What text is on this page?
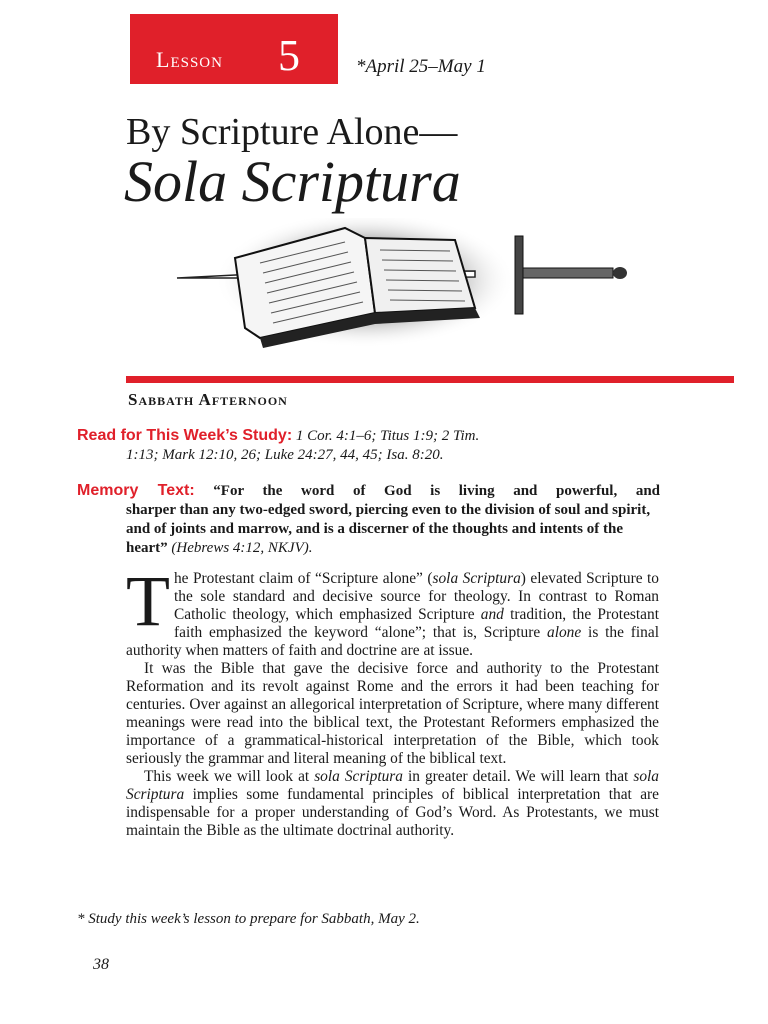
Lesson 5	*April 25–May 1
By Scripture Alone—
Sola Scriptura
Sabbath Afternoon
Read for This Week’s Study: 1 Cor. 4:1–6; Titus 1:9; 2 Tim.
1:13; Mark 12:10, 26; Luke 24:27, 44, 45; Isa. 8:20.
Memory Text: “For the word of God is living and powerful, and
sharper than any two-edged sword, piercing even to the division of soul and spirit, and of joints and marrow, and is a discerner of the thoughts and intents of the heart” (Hebrews 4:12, NKJV).

The Protestant claim of “Scripture alone” (sola Scriptura) elevated Scripture to the sole standard and decisive source for theology. In contrast to Roman Catholic theology, which emphasized Scripture and tradition, the Protestant faith emphasized the keyword “alone”; that is, Scripture alone is the final authority when matters of faith and doctrine are at issue.

It was the Bible that gave the decisive force and authority to the Protestant Reformation and its revolt against Rome and the errors it had been teaching for centuries. Over against an allegorical interpretation of Scripture, where many different meanings were read into the biblical text, the Protestant Reformers emphasized the importance of a grammatical-historical interpretation of the Bible, which took seriously the grammar and literal meaning of the biblical text.

This week we will look at sola Scriptura in greater detail. We will learn that sola Scriptura implies some fundamental principles of biblical interpretation that are indispensable for a proper understanding of God’s Word. As Protestants, we must maintain the Bible as the ultimate doctrinal authority.

* Study this week’s lesson to prepare for Sabbath, May 2.
38
